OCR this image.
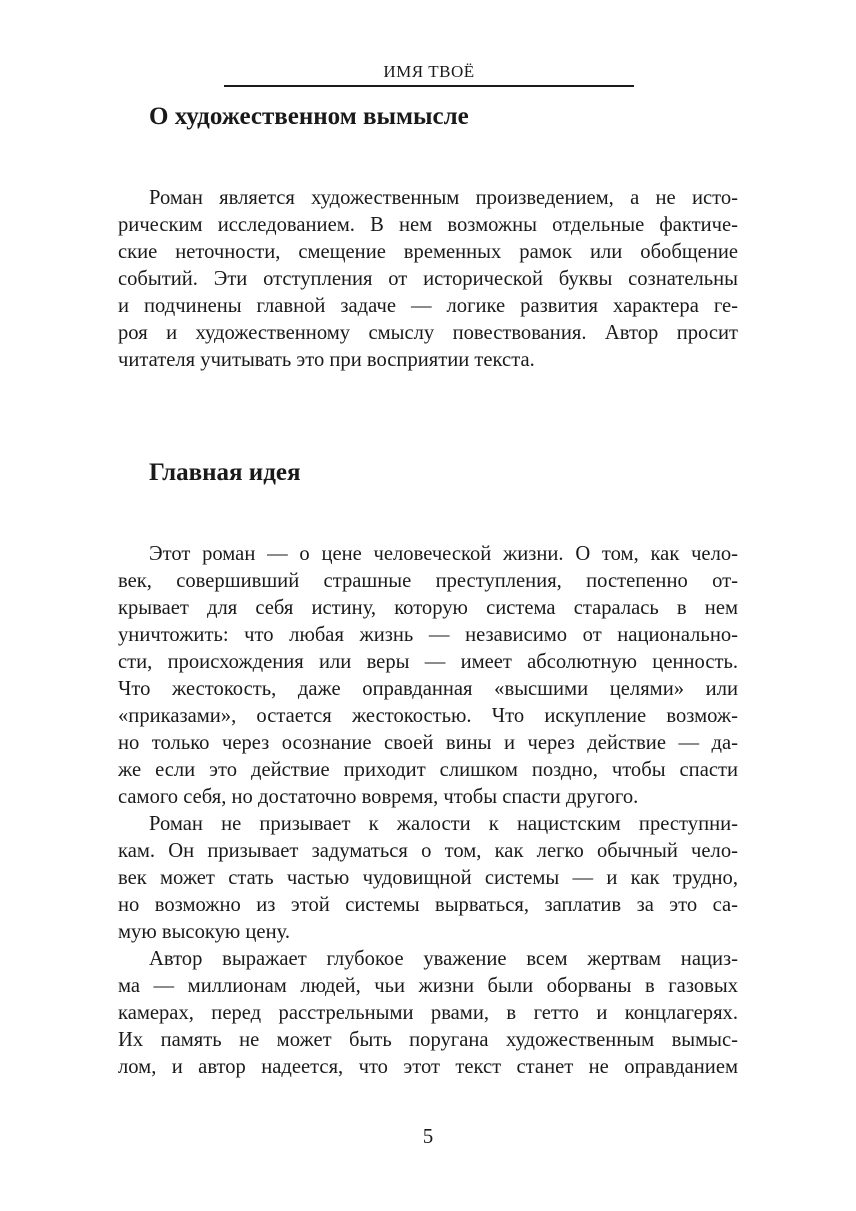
ИМЯ ТВОЁ
О художественном вымысле
Роман является художественным произведением, а не исто-
рическим исследованием. В нем возможны отдельные фактиче-
ские неточности, смещение временных рамок или обобщение
событий. Эти отступления от исторической буквы сознательны
и подчинены главной задаче — логике развития характера ге-
роя и художественному смыслу повествования. Автор просит
читателя учитывать это при восприятии текста.
Главная идея
Этот роман — о цене человеческой жизни. О том, как чело-
век, совершивший страшные преступления, постепенно от-
крывает для себя истину, которую система старалась в нем
уничтожить: что любая жизнь — независимо от национально-
сти, происхождения или веры — имеет абсолютную ценность.
Что жестокость, даже оправданная «высшими целями» или
«приказами», остается жестокостью. Что искупление возмож-
но только через осознание своей вины и через действие — да-
же если это действие приходит слишком поздно, чтобы спасти
самого себя, но достаточно вовремя, чтобы спасти другого.
Роман не призывает к жалости к нацистским преступни-
кам. Он призывает задуматься о том, как легко обычный чело-
век может стать частью чудовищной системы — и как трудно,
но возможно из этой системы вырваться, заплатив за это са-
мую высокую цену.
Автор выражает глубокое уважение всем жертвам нациз-
ма — миллионам людей, чьи жизни были оборваны в газовых
камерах, перед расстрельными рвами, в гетто и концлагерях.
Их память не может быть поругана художественным вымыс-
лом, и автор надеется, что этот текст станет не оправданием
5
